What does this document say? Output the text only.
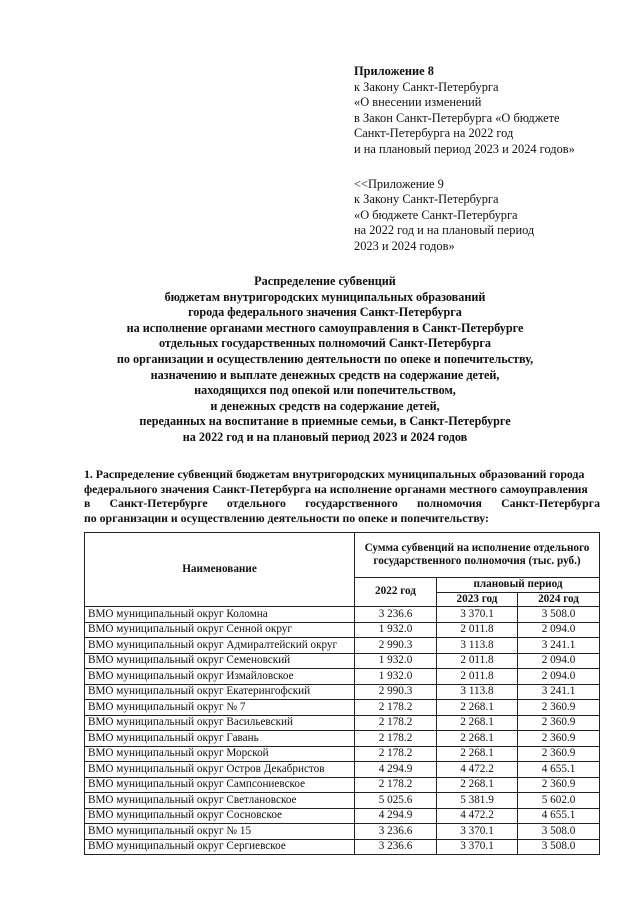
Приложение 8
к Закону Санкт-Петербурга
«О внесении изменений
в Закон Санкт-Петербурга «О бюджете
Санкт-Петербурга на 2022 год
и на плановый период 2023 и 2024 годов»
<<Приложение 9
к Закону Санкт-Петербурга
«О бюджете Санкт-Петербурга
на 2022 год и на плановый период
2023 и 2024 годов»
Распределение субвенций
бюджетам внутригородских муниципальных образований
города федерального значения Санкт-Петербурга
на исполнение органами местного самоуправления в Санкт-Петербурге
отдельных государственных полномочий Санкт-Петербурга
по организации и осуществлению деятельности по опеке и попечительству,
назначению и выплате денежных средств на содержание детей,
находящихся под опекой или попечительством,
и денежных средств на содержание детей,
переданных на воспитание в приемные семьи, в Санкт-Петербурге
на 2022 год и на плановый период 2023 и 2024 годов
1. Распределение субвенций бюджетам внутригородских муниципальных образований города
федерального значения Санкт-Петербурга на исполнение органами местного самоуправления
в Санкт-Петербурге отдельного государственного полномочия Санкт-Петербурга
по организации и осуществлению деятельности по опеке и попечительству:
Наименование	Сумма субвенций на исполнение отдельного государственного полномочия (тыс. руб.)		
	2022 год	плановый период	
		2023 год	2024 год
ВМО муниципальный округ Коломна	3 236.6	3 370.1	3 508.0
ВМО муниципальный округ Сенной округ	1 932.0	2 011.8	2 094.0
ВМО муниципальный округ Адмиралтейский округ	2 990.3	3 113.8	3 241.1
ВМО муниципальный округ Семеновский	1 932.0	2 011.8	2 094.0
ВМО муниципальный округ Измайловское	1 932.0	2 011.8	2 094.0
ВМО муниципальный округ Екатерингофский	2 990.3	3 113.8	3 241.1
ВМО муниципальный округ № 7	2 178.2	2 268.1	2 360.9
ВМО муниципальный округ Васильевский	2 178.2	2 268.1	2 360.9
ВМО муниципальный округ Гавань	2 178.2	2 268.1	2 360.9
ВМО муниципальный округ Морской	2 178.2	2 268.1	2 360.9
ВМО муниципальный округ Остров Декабристов	4 294.9	4 472.2	4 655.1
ВМО муниципальный округ Сампсониевское	2 178.2	2 268.1	2 360.9
ВМО муниципальный округ Светлановское	5 025.6	5 381.9	5 602.0
ВМО муниципальный округ Сосновское	4 294.9	4 472.2	4 655.1
ВМО муниципальный округ № 15	3 236.6	3 370.1	3 508.0
ВМО муниципальный округ Сергиевское	3 236.6	3 370.1	3 508.0
